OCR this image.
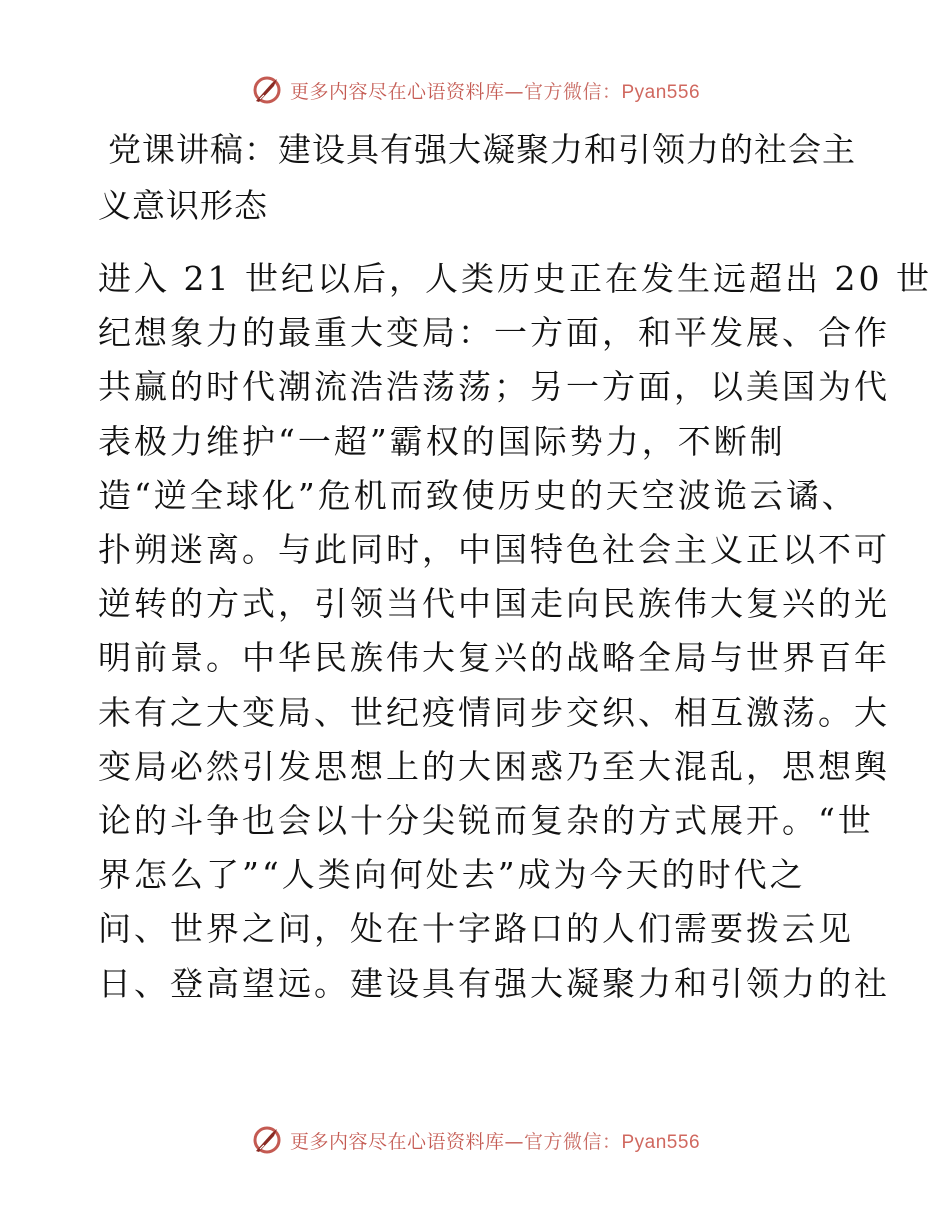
更多内容尽在心语资料库—官方微信：Pyan556
党课讲稿：建设具有强大凝聚力和引领力的社会主义意识形态
进入 21 世纪以后，人类历史正在发生远超出 20 世
纪想象力的最重大变局：一方面，和平发展、合作
共赢的时代潮流浩浩荡荡；另一方面，以美国为代
表极力维护“一超”霸权的国际势力，不断制
造“逆全球化”危机而致使历史的天空波诡云谲、
扑朔迷离。与此同时，中国特色社会主义正以不可
逆转的方式，引领当代中国走向民族伟大复兴的光
明前景。中华民族伟大复兴的战略全局与世界百年
未有之大变局、世纪疫情同步交织、相互激荡。大
变局必然引发思想上的大困惑乃至大混乱，思想舆
论的斗争也会以十分尖锐而复杂的方式展开。“世
界怎么了”“人类向何处去”成为今天的时代之
问、世界之问，处在十字路口的人们需要拨云见
日、登高望远。建设具有强大凝聚力和引领力的社
更多内容尽在心语资料库—官方微信：Pyan556
